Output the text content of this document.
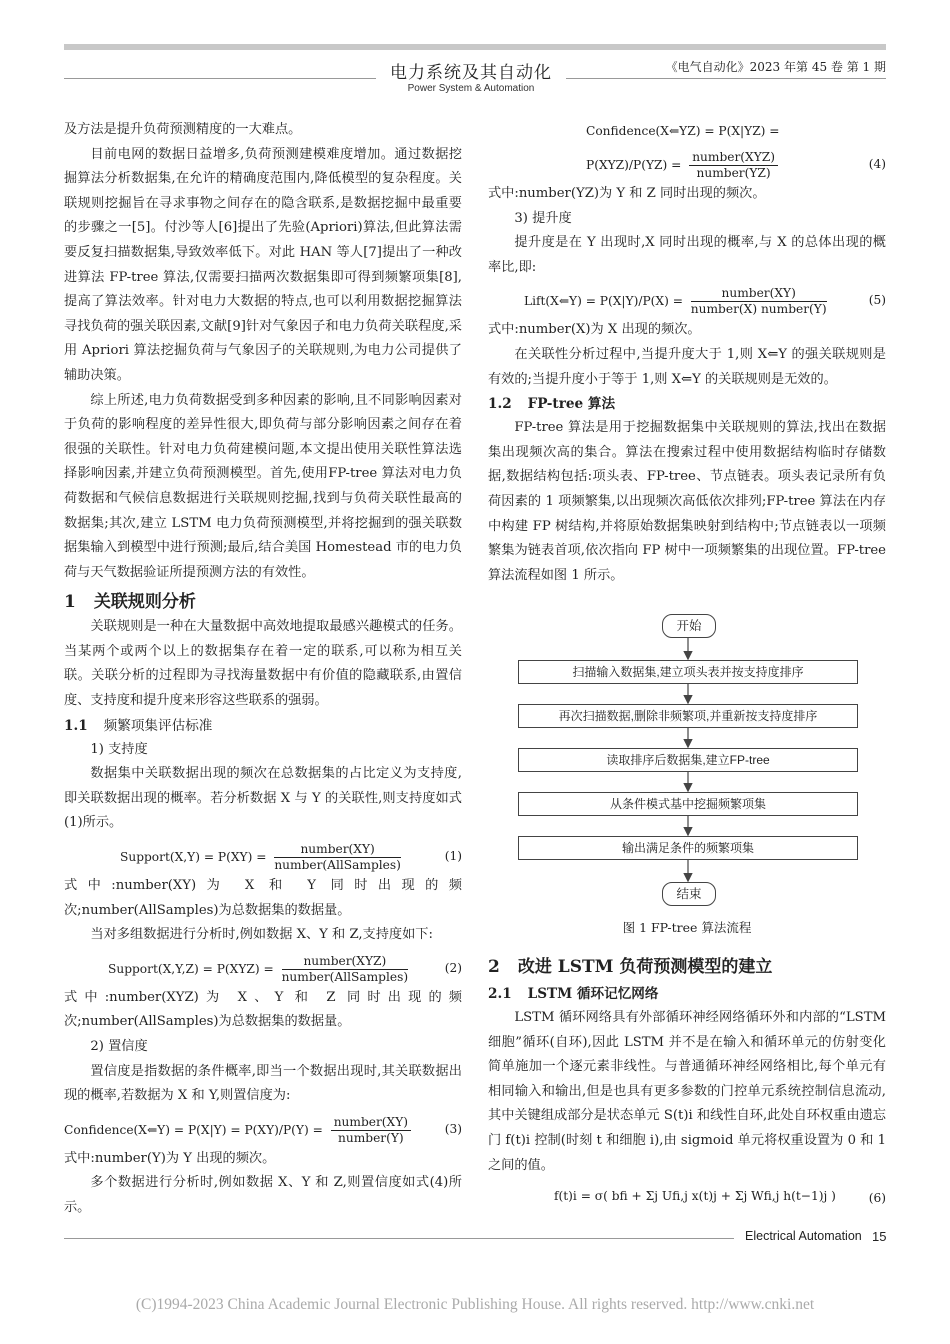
电力系统及其自动化
Power System & Automation
《电气自动化》2023 年第 45 卷 第 1 期

及方法是提升负荷预测精度的一大难点。

目前电网的数据日益增多,负荷预测建模难度增加。通过数据挖掘算法分析数据集,在允许的精确度范围内,降低模型的复杂程度。关联规则挖掘旨在寻求事物之间存在的隐含联系,是数据挖掘中最重要的步骤之一[5]。付沙等人[6]提出了先验(Apriori)算法,但此算法需要反复扫描数据集,导致效率低下。对此 HAN 等人[7]提出了一种改进算法 FP-tree 算法,仅需要扫描两次数据集即可得到频繁项集[8],提高了算法效率。针对电力大数据的特点,也可以利用数据挖掘算法寻找负荷的强关联因素,文献[9]针对气象因子和电力负荷关联程度,采用 Apriori 算法挖掘负荷与气象因子的关联规则,为电力公司提供了辅助决策。

综上所述,电力负荷数据受到多种因素的影响,且不同影响因素对于负荷的影响程度的差异性很大,即负荷与部分影响因素之间存在着很强的关联性。针对电力负荷建模问题,本文提出使用关联性算法选择影响因素,并建立负荷预测模型。首先,使用FP-tree 算法对电力负荷数据和气候信息数据进行关联规则挖掘,找到与负荷关联性最高的数据集;其次,建立 LSTM 电力负荷预测模型,并将挖掘到的强关联数据集输入到模型中进行预测;最后,结合美国 Homestead 市的电力负荷与天气数据验证所提预测方法的有效性。

1 关联规则分析

关联规则是一种在大量数据中高效地提取最感兴趣模式的任务。当某两个或两个以上的数据集存在着一定的联系,可以称为相互关联。关联分析的过程即为寻找海量数据中有价值的隐藏联系,由置信度、支持度和提升度来形容这些联系的强弱。

1.1 频繁项集评估标准

1) 支持度

数据集中关联数据出现的频次在总数据集的占比定义为支持度,即关联数据出现的概率。若分析数据 X 与 Y 的关联性,则支持度如式(1)所示。

Support(X,Y) = $P(XY) = \frac{\text{number(XY)}}{\text{number(AllSamples)}}$	(1)

式中:number(XY)为 X 和 Y 同时出现的频次;number(AllSamples)为总数据集的数据量。

当对多组数据进行分析时,例如数据 X、Y 和 Z,支持度如下:

Support(X,Y,Z) = $P(XYZ) = \frac{\text{number(XYZ)}}{\text{number(AllSamples)}}$	(2)

式中:number(XYZ)为 X、Y 和 Z 同时出现的频次;number(AllSamples)为总数据集的数据量。

2) 置信度

置信度是指数据的条件概率,即当一个数据出现时,其关联数据出现的概率,若数据为 X 和 Y,则置信度为:

Confidence(X⇐Y) = $P(X|Y) = P(XY)/P(Y) = \frac{\text{number(XY)}}{\text{number(Y)}}$	(3)

式中:number(Y)为 Y 出现的频次。

多个数据进行分析时,例如数据 X、Y 和 Z,则置信度如式(4)所示。

Confidence(X⇐YZ) = P(X|YZ) =
$P(XYZ)/P(YZ) = \frac{\text{number(XYZ)}}{\text{number(YZ)}}$	(4)

式中:number(YZ)为 Y 和 Z 同时出现的频次。

3) 提升度

提升度是在 Y 出现时,X 同时出现的概率,与 X 的总体出现的概率比,即:

Lift(X⇐Y) = $P(X|Y)/P(X) = \frac{\text{number(XY)}}{\text{number(X) number(Y)}}$	(5)

式中:number(X)为 X 出现的频次。

在关联性分析过程中,当提升度大于 1,则 X⇐Y 的强关联规则是有效的;当提升度小于等于 1,则 X⇐Y 的关联规则是无效的。

1.2 FP-tree 算法

FP-tree 算法是用于挖掘数据集中关联规则的算法,找出在数据集出现频次高的集合。算法在搜索过程中使用数据结构临时存储数据,数据结构包括:项头表、FP-tree、节点链表。项头表记录所有负荷因素的 1 项频繁集,以出现频次高低依次排列;FP-tree 算法在内存中构建 FP 树结构,并将原始数据集映射到结构中;节点链表以一项频繁集为链表首项,依次指向 FP 树中一项频繁集的出现位置。FP-tree 算法流程如图 1 所示。

开始
扫描输入数据集,建立项头表并按支持度排序
再次扫描数据,删除非频繁项,并重新按支持度排序
读取排序后数据集,建立FP-tree
从条件模式基中挖掘频繁项集
输出满足条件的频繁项集
结束
图 1 FP-tree 算法流程
2 改进 LSTM 负荷预测模型的建立
2.1 LSTM 循环记忆网络

LSTM 循环网络具有外部循环神经网络循环外和内部的“LSTM 细胞”循环(自环),因此 LSTM 并不是在输入和循环单元的仿射变化简单施加一个逐元素非线性。与普通循环神经网络相比,每个单元有相同输入和输出,但是也具有更多参数的门控单元系统控制信息流动,其中关键组成部分是状态单元 S(t)i 和线性自环,此处自环权重由遗忘门 f(t)i 控制(时刻 t 和细胞 i),由 sigmoid 单元将权重设置为 0 和 1 之间的值。

f(t)i = σ( bfi + Σj Ufi,j x(t)j + Σj Wfi,j h(t−1)j )	(6)
Electrical Automation 15
(C)1994-2023 China Academic Journal Electronic Publishing House. All rights reserved. http://www.cnki.net
